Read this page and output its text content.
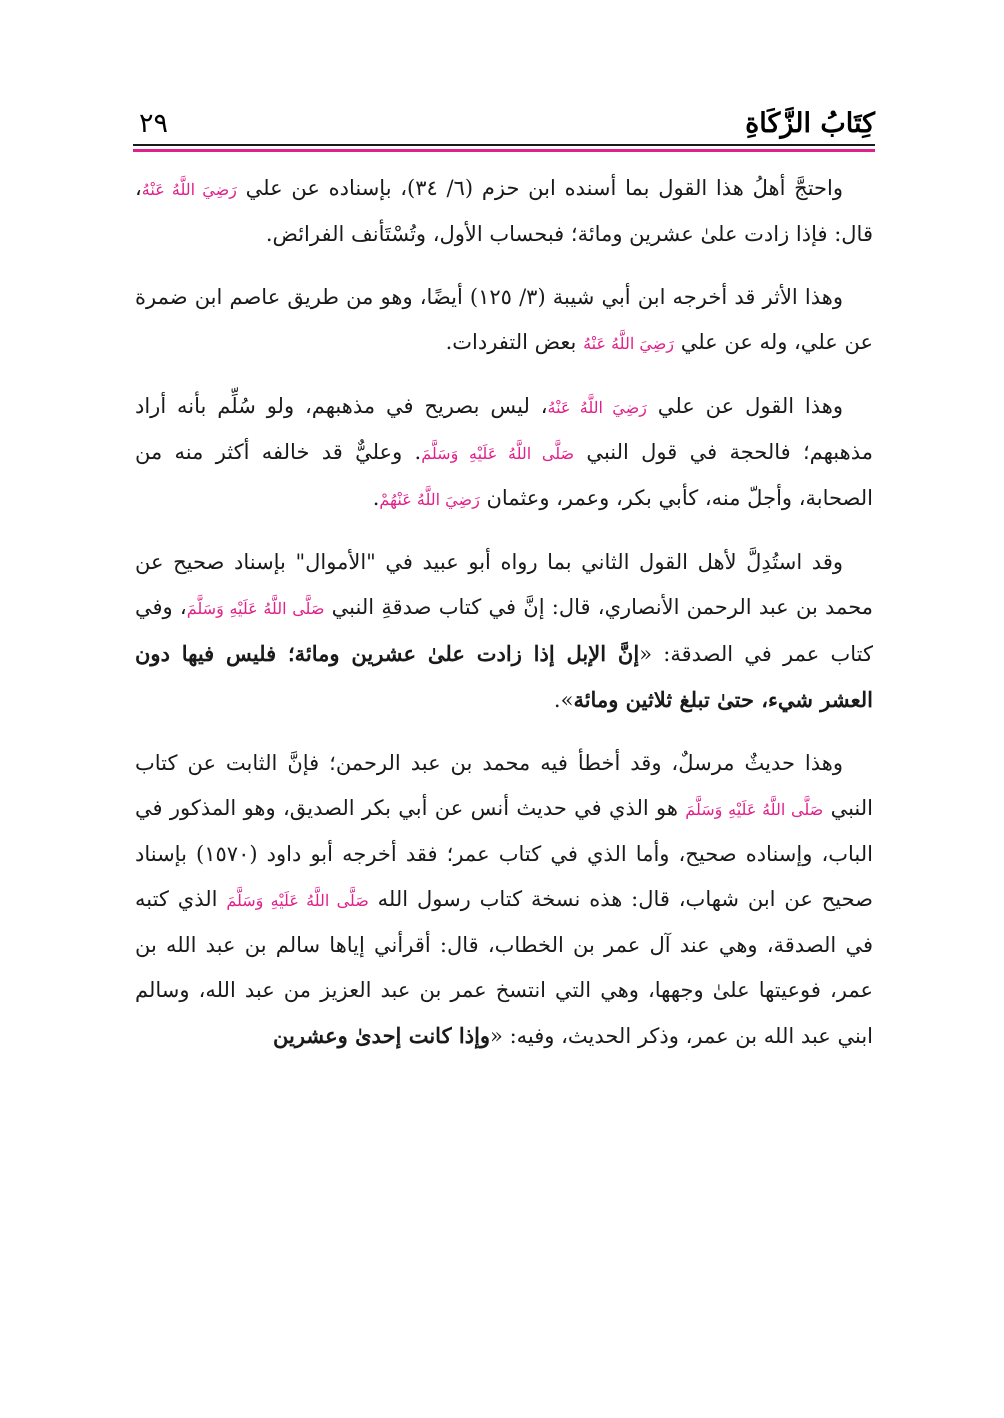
٢٩	كِتَابُ الزَّكَاةِ

واحتجَّ أهلُ هذا القول بما أسنده ابن حزم (٦/ ٣٤)، بإسناده عن علي رَضِيَ اللَّهُ عَنْهُ، قال: فإذا زادت علىٰ عشرين ومائة؛ فبحساب الأول، وتُسْتَأنف الفرائض.

وهذا الأثر قد أخرجه ابن أبي شيبة (٣/ ١٢٥) أيضًا، وهو من طريق عاصم ابن ضمرة عن علي، وله عن علي رَضِيَ اللَّهُ عَنْهُ بعض التفردات.

وهذا القول عن علي رَضِيَ اللَّهُ عَنْهُ، ليس بصريح في مذهبهم، ولو سُلِّم بأنه أراد مذهبهم؛ فالحجة في قول النبي صَلَّى اللَّهُ عَلَيْهِ وَسَلَّمَ. وعليٌّ قد خالفه أكثر منه من الصحابة، وأجلّ منه، كأبي بكر، وعمر، وعثمان رَضِيَ اللَّهُ عَنْهُمْ.

وقد استُدِلَّ لأهل القول الثاني بما رواه أبو عبيد في "الأموال" بإسناد صحيح عن محمد بن عبد الرحمن الأنصاري، قال: إنَّ في كتاب صدقةِ النبي صَلَّى اللَّهُ عَلَيْهِ وَسَلَّمَ، وفي كتاب عمر في الصدقة: «إنَّ الإبل إذا زادت علىٰ عشرين ومائة؛ فليس فيها دون العشر شيء، حتىٰ تبلغ ثلاثين ومائة».

وهذا حديثٌ مرسلٌ، وقد أخطأ فيه محمد بن عبد الرحمن؛ فإنَّ الثابت عن كتاب النبي صَلَّى اللَّهُ عَلَيْهِ وَسَلَّمَ هو الذي في حديث أنس عن أبي بكر الصديق، وهو المذكور في الباب، وإسناده صحيح، وأما الذي في كتاب عمر؛ فقد أخرجه أبو داود (١٥٧٠) بإسناد صحيح عن ابن شهاب، قال: هذه نسخة كتاب رسول الله صَلَّى اللَّهُ عَلَيْهِ وَسَلَّمَ الذي كتبه في الصدقة، وهي عند آل عمر بن الخطاب، قال: أقرأني إياها سالم بن عبد الله بن عمر، فوعيتها علىٰ وجهها، وهي التي انتسخ عمر بن عبد العزيز من عبد الله، وسالم ابني عبد الله بن عمر، وذكر الحديث، وفيه: «وإذا كانت إحدىٰ وعشرين
